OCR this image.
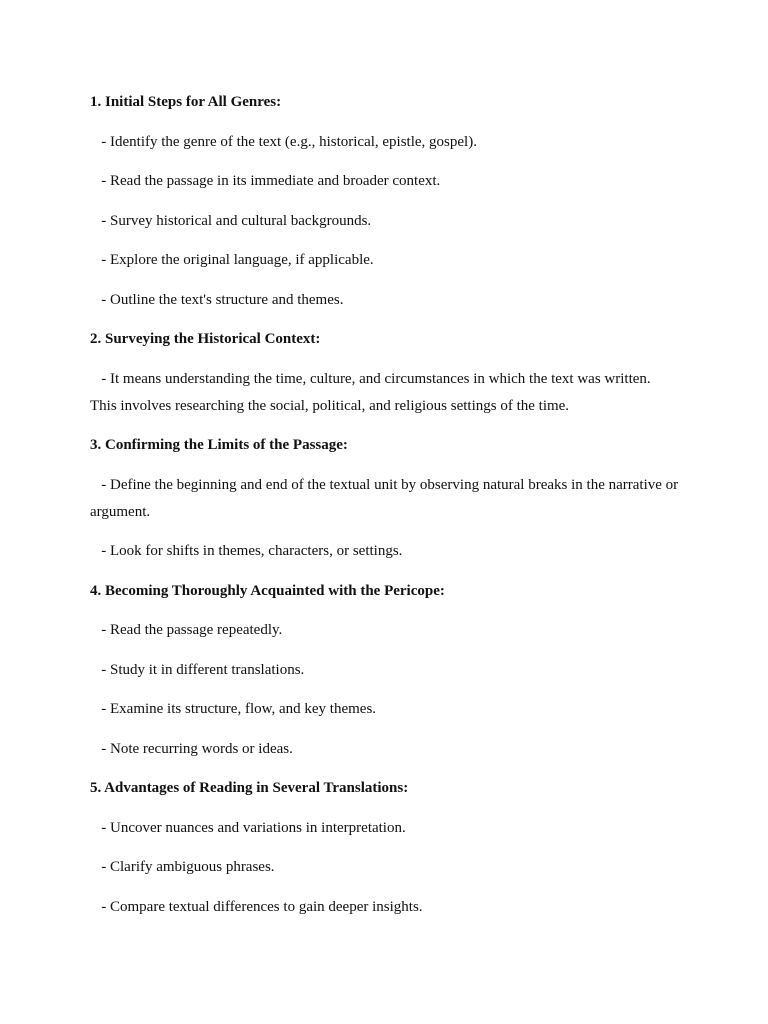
1. Initial Steps for All Genres:
- Identify the genre of the text (e.g., historical, epistle, gospel).
- Read the passage in its immediate and broader context.
- Survey historical and cultural backgrounds.
- Explore the original language, if applicable.
- Outline the text's structure and themes.
2. Surveying the Historical Context:
- It means understanding the time, culture, and circumstances in which the text was written. This involves researching the social, political, and religious settings of the time.
3. Confirming the Limits of the Passage:
- Define the beginning and end of the textual unit by observing natural breaks in the narrative or argument.
- Look for shifts in themes, characters, or settings.
4. Becoming Thoroughly Acquainted with the Pericope:
- Read the passage repeatedly.
- Study it in different translations.
- Examine its structure, flow, and key themes.
- Note recurring words or ideas.
5. Advantages of Reading in Several Translations:
- Uncover nuances and variations in interpretation.
- Clarify ambiguous phrases.
- Compare textual differences to gain deeper insights.
